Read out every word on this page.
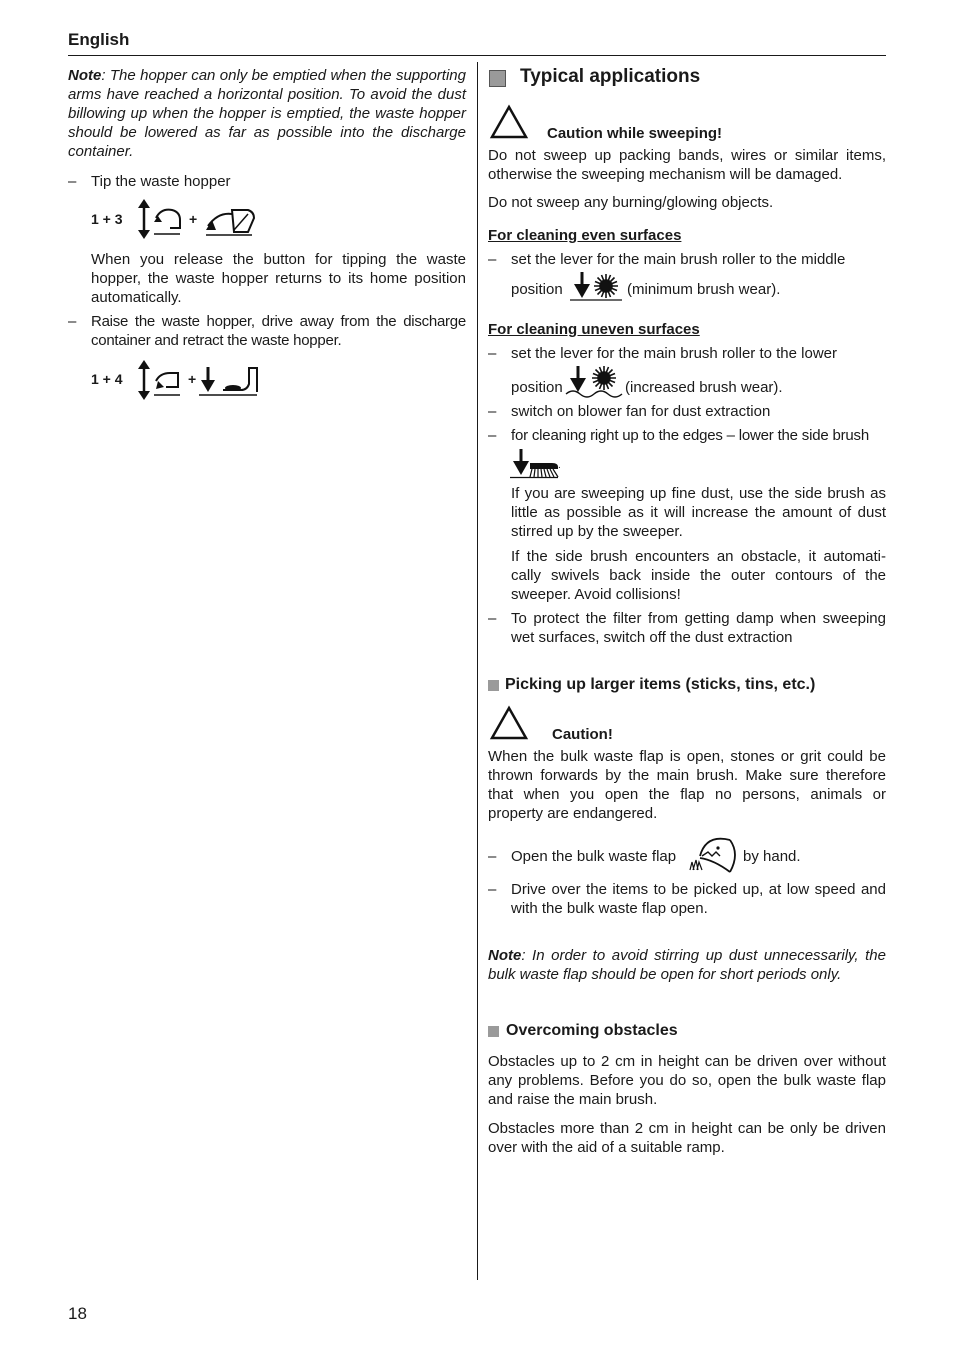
English
Note: The hopper can only be emptied when the supporting arms have reached a horizontal position. To avoid the dust billowing up when the hopper is emptied, the waste hopper should be lowered as far as possible into the discharge container.
– Tip the waste hopper
1 + 3	+
When you release the button for tipping the waste hopper, the waste hopper returns to its home position automatically.
– Raise the waste hopper, drive away from the discharge container and retract the waste hopper.
1 + 4	+
Typical applications
Caution while sweeping!
Do not sweep up packing bands, wires or similar items, otherwise the sweeping mechanism will be damaged.
Do not sweep any burning/glowing objects.
For cleaning even surfaces
– set the lever for the main brush roller to the middle
position	(minimum brush wear).
For cleaning uneven surfaces
– set the lever for the main brush roller to the lower
position	(increased brush wear).
– switch on blower fan for dust extraction
– for cleaning right up to the edges – lower the side brush
.
If you are sweeping up fine dust, use the side brush as little as possible as it will increase the amount of dust stirred up by the sweeper.
If the side brush encounters an obstacle, it automati-cally swivels back inside the outer contours of the sweeper. Avoid collisions!
– To protect the filter from getting damp when sweeping wet surfaces, switch off the dust extraction
Picking up larger items (sticks, tins, etc.)
Caution!
When the bulk waste flap is open, stones or grit could be thrown forwards by the main brush. Make sure therefore that when you open the flap no persons, animals or property are endangered.
– Open the bulk waste flap	by hand.
– Drive over the items to be picked up, at low speed and with the bulk waste flap open.
Note: In order to avoid stirring up dust unnecessarily, the bulk waste flap should be open for short periods only.
Overcoming obstacles
Obstacles up to 2 cm in height can be driven over without any problems. Before you do so, open the bulk waste flap and raise the main brush.
Obstacles more than 2 cm in height can be only be driven over with the aid of a suitable ramp.
18
